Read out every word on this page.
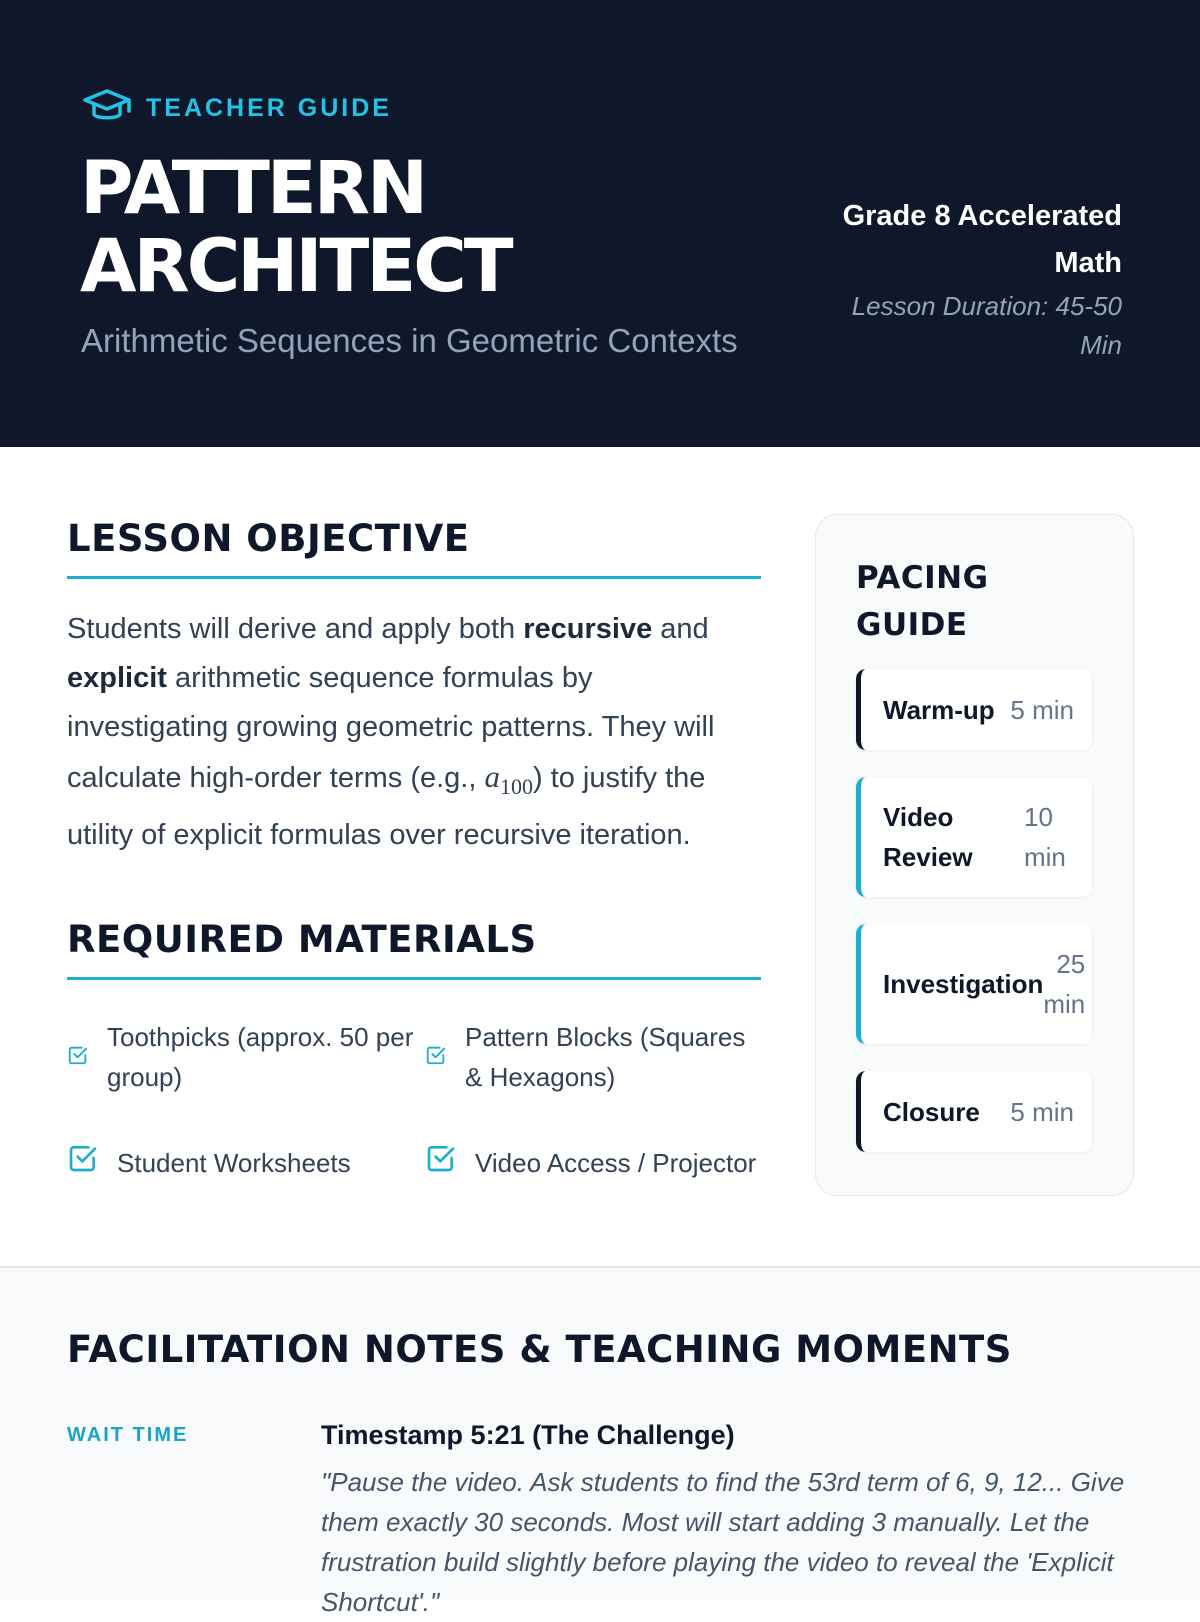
TEACHER GUIDE
PATTERN
ARCHITECT
Arithmetic Sequences in Geometric Contexts
Grade 8 Accelerated Math
Lesson Duration: 45-50 Min
LESSON OBJECTIVE

Students will derive and apply both recursive and explicit arithmetic sequence formulas by investigating growing geometric patterns. They will calculate high-order terms (e.g., $a_{100}$) to justify the utility of explicit formulas over recursive iteration.

REQUIRED MATERIALS
Toothpicks (approx. 50 per group)
Pattern Blocks (Squares & Hexagons)
Student Worksheets	Video Access / Projector
PACING GUIDE
Warm-up 5 min
Video Review
10 min
Investigation
25 min
Closure 5 min
FACILITATION NOTES & TEACHING MOMENTS
WAIT TIME	Timestamp 5:21 (The Challenge)
"Pause the video. Ask students to find the 53rd term of 6, 9, 12... Give them exactly 30 seconds. Most will start adding 3 manually. Let the frustration build slightly before playing the video to reveal the 'Explicit Shortcut'."
